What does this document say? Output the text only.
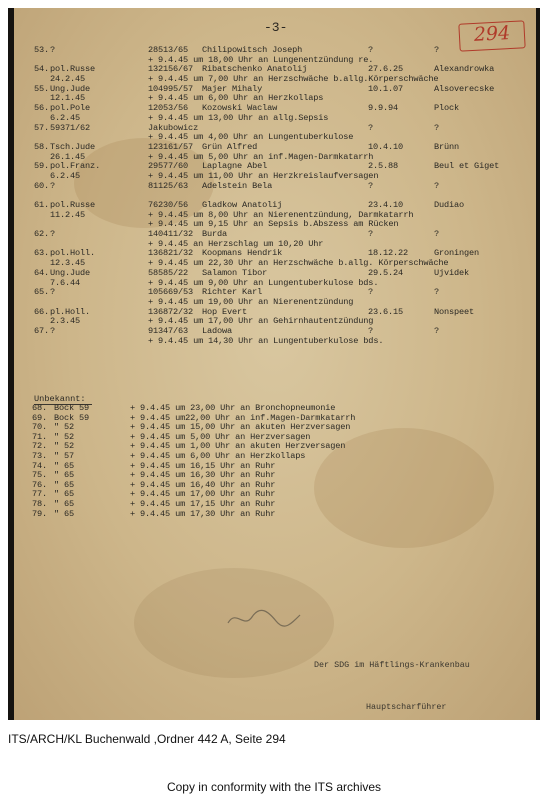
-3-	294
53. ?	28513/65 Chilipowitsch Joseph	?	?
+ 9.4.45 um 18,00 Uhr an Lungenentzündung re.
54. pol.Russe	132156/67 Ribatschenko Anatolij	27.6.25	Alexandrowka
24.2.45	+ 9.4.45 um 7,00 Uhr an Herzschwäche b.allg.Körperschwäche
55. Ung.Jude	104995/57 Majer Mihaly	10.1.07	Alsoverecske
12.1.45	+ 9.4.45 um 6,00 Uhr an Herzkollaps
56. pol.Pole	12053/56 Kozowski Waclaw	9.9.94	Plock
6.2.45	+ 9.4.45 um 13,00 Uhr an allg.Sepsis
57. 59371/62	Jakubowicz	?	?
+ 9.4.45 um 4,00 Uhr an Lungentuberkulose
58. Tsch.Jude	123161/57 Grün Alfred	10.4.10	Brünn
26.1.45	+ 9.4.45 um 5,00 Uhr an inf.Magen-Darmkatarrh
59. pol.Franz.	29577/60 Laplagne Abel	2.5.88	Beul et Giget
6.2.45	+ 9.4.45 um 11,00 Uhr an Herzkreislaufversagen
60. ?	81125/63 Adelstein Bela	?	?
61. pol.Russe	76230/56 Gladkow Anatolij	23.4.10	Dudiao
11.2.45	+ 9.4.45 um 8,00 Uhr an Nierenentzündung, Darmkatarrh
+ 9.4.45 um 9,15 Uhr an Sepsis b.Abszess am Rücken
62. ?	140411/32 Burda	?	?
+ 9.4.45 an Herzschlag um 10,20 Uhr
63. pol.Holl.	136821/32 Koopmans Hendrik	18.12.22	Groningen
12.3.45	+ 9.4.45 um 22,30 Uhr an Herzschwäche b.allg. Körperschwäche
64. Ung.Jude	58585/22 Salamon Tibor	29.5.24	Ujvidek
7.6.44	+ 9.4.45 um 9,00 Uhr an Lungentuberkulose bds.
65. ?	105669/53 Richter Karl	?	?
+ 9.4.45 um 19,00 Uhr an Nierenentzündung
66. pl.Holl.	136872/32 Hop Evert	23.6.15	Nonspeet
2.3.45	+ 9.4.45 um 17,00 Uhr an Gehirnhautentzündung
67. ?	91347/63 Ladowa	?	?
+ 9.4.45 um 14,30 Uhr an Lungentuberkulose bds.
Unbekannt:
68. Bock 59	+ 9.4.45 um 23,00 Uhr an Bronchopneumonie
69. Bock 59	+ 9.4.45 um22,00 Uhr an inf.Magen-Darmkatarrh
70. " 52	+ 9.4.45 um 15,00 Uhr an akuten Herzversagen
71. " 52	+ 9.4.45 um 5,00 Uhr an Herzversagen
72. " 52	+ 9.4.45 um 1,00 Uhr an akuten Herzversagen
73. " 57	+ 9.4.45 um 6,00 Uhr an Herzkollaps
74. " 65	+ 9.4.45 um 16,15 Uhr an Ruhr
75. " 65	+ 9.4.45 um 16,30 Uhr an Ruhr
76. " 65	+ 9.4.45 um 16,40 Uhr an Ruhr
77. " 65	+ 9.4.45 um 17,00 Uhr an Ruhr
78. " 65	+ 9.4.45 um 17,15 Uhr an Ruhr
79. " 65	+ 9.4.45 um 17,30 Uhr an Ruhr
Der SDG im Häftlings-Krankenbau
Hauptscharführer
ITS/ARCH/KL Buchenwald ,Ordner 442 A, Seite 294
Copy in conformity with the ITS archives
